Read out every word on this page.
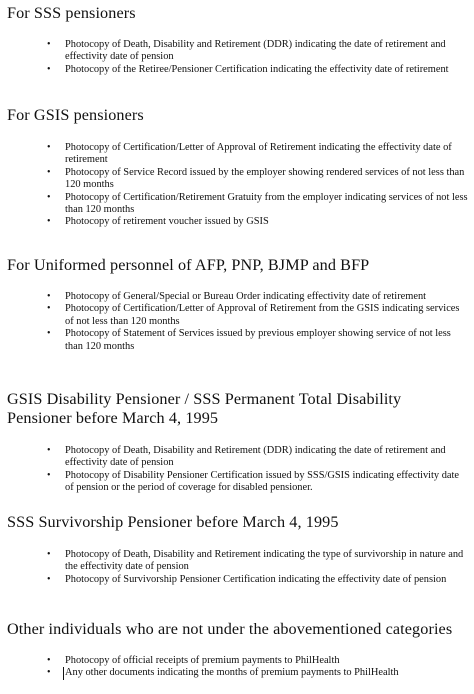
For SSS pensioners
• Photocopy of Death, Disability and Retirement (DDR) indicating the date of retirement and effectivity date of pension
• Photocopy of the Retiree/Pensioner Certification indicating the effectivity date of retirement
For GSIS pensioners
• Photocopy of Certification/Letter of Approval of Retirement indicating the effectivity date of retirement
• Photocopy of Service Record issued by the employer showing rendered services of not less than 120 months
• Photocopy of Certification/Retirement Gratuity from the employer indicating services of not less than 120 months
• Photocopy of retirement voucher issued by GSIS
For Uniformed personnel of AFP, PNP, BJMP and BFP
• Photocopy of General/Special or Bureau Order indicating effectivity date of retirement
• Photocopy of Certification/Letter of Approval of Retirement from the GSIS indicating services of not less than 120 months
• Photocopy of Statement of Services issued by previous employer showing service of not less than 120 months
GSIS Disability Pensioner / SSS Permanent Total Disability Pensioner before March 4, 1995
• Photocopy of Death, Disability and Retirement (DDR) indicating the date of retirement and effectivity date of pension
• Photocopy of Disability Pensioner Certification issued by SSS/GSIS indicating effectivity date of pension or the period of coverage for disabled pensioner.
SSS Survivorship Pensioner before March 4, 1995
• Photocopy of Death, Disability and Retirement indicating the type of survivorship in nature and the effectivity date of pension
• Photocopy of Survivorship Pensioner Certification indicating the effectivity date of pension
Other individuals who are not under the abovementioned categories
• Photocopy of official receipts of premium payments to PhilHealth
• Any other documents indicating the months of premium payments to PhilHealth
